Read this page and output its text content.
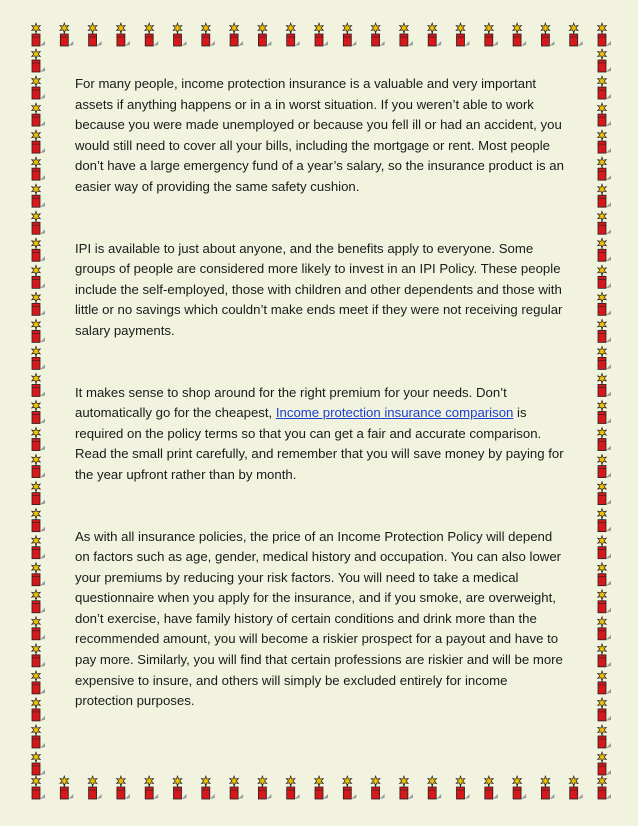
For many people, income protection insurance is a valuable and very important assets if anything happens or in a in worst situation. If you weren’t able to work because you were made unemployed or because you fell ill or had an accident, you would still need to cover all your bills, including the mortgage or rent. Most people don’t have a large emergency fund of a year’s salary, so the insurance product is an easier way of providing the same safety cushion.

IPI is available to just about anyone, and the benefits apply to everyone. Some groups of people are considered more likely to invest in an IPI Policy. These people include the self-employed, those with children and other dependents and those with little or no savings which couldn’t make ends meet if they were not receiving regular salary payments.

It makes sense to shop around for the right premium for your needs. Don’t automatically go for the cheapest, Income protection insurance comparison is required on the policy terms so that you can get a fair and accurate comparison. Read the small print carefully, and remember that you will save money by paying for the year upfront rather than by month.

As with all insurance policies, the price of an Income Protection Policy will depend on factors such as age, gender, medical history and occupation. You can also lower your premiums by reducing your risk factors. You will need to take a medical questionnaire when you apply for the insurance, and if you smoke, are overweight, don’t exercise, have family history of certain conditions and drink more than the recommended amount, you will become a riskier prospect for a payout and have to pay more. Similarly, you will find that certain professions are riskier and will be more expensive to insure, and others will simply be excluded entirely for income protection purposes.
